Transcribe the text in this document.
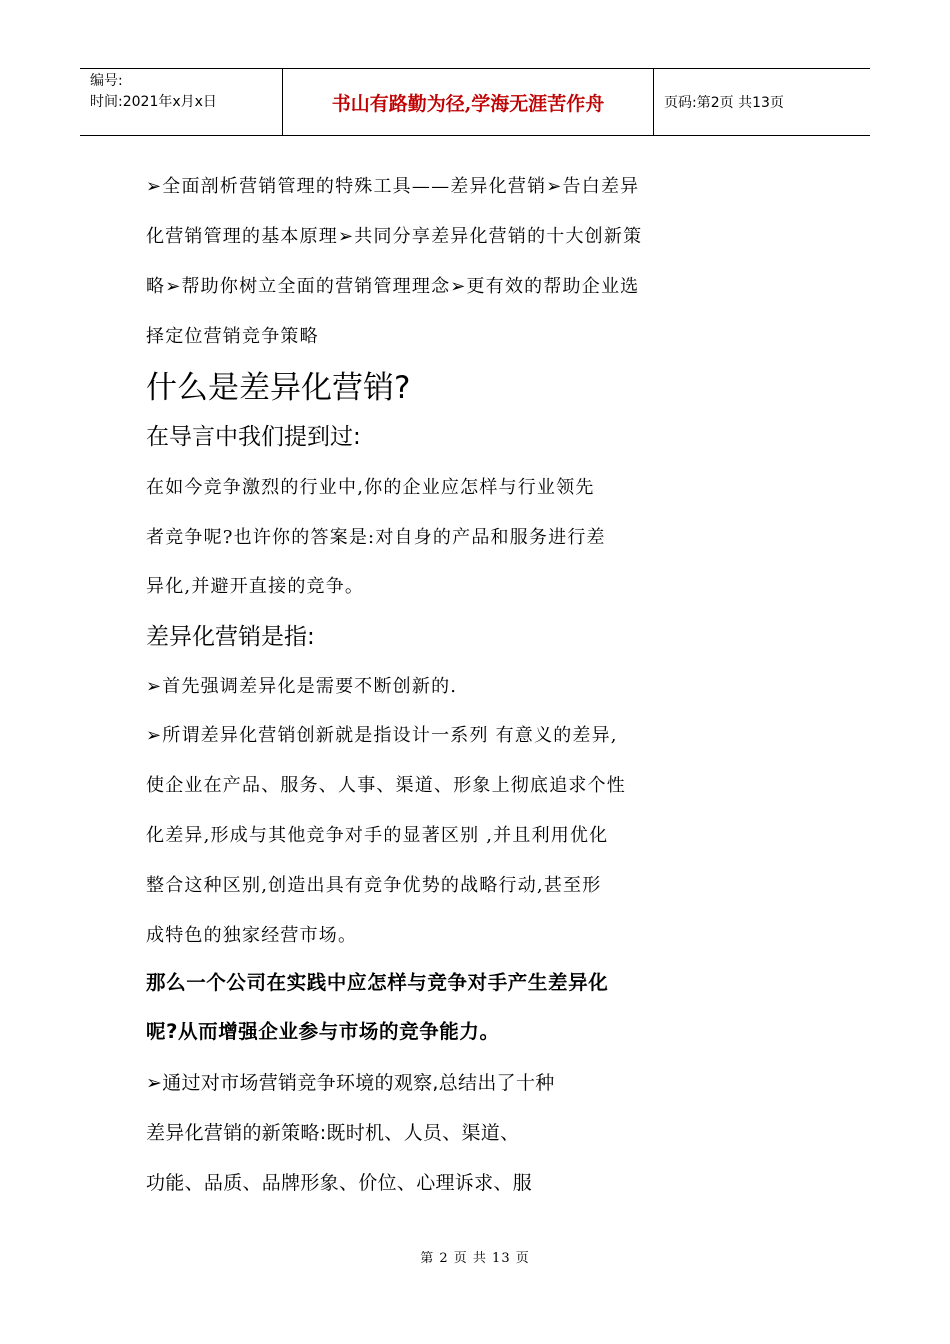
编号:
时间:2021年x月x日	书山有路勤为径,学海无涯苦作舟	页码:第2页 共13页
➢全面剖析营销管理的特殊工具——差异化营销➢告白差异
化营销管理的基本原理➢共同分享差异化营销的十大创新策
略➢帮助你树立全面的营销管理理念➢更有效的帮助企业选
择定位营销竞争策略
什么是差异化营销?
在导言中我们提到过:
在如今竞争激烈的行业中,你的企业应怎样与行业领先
者竞争呢?也许你的答案是:对自身的产品和服务进行差
异化,并避开直接的竞争。
差异化营销是指:
➢首先强调差异化是需要不断创新的.
➢所谓差异化营销创新就是指设计一系列 有意义的差异,
使企业在产品、服务、人事、渠道、形象上彻底追求个性
化差异,形成与其他竞争对手的显著区别 ,并且利用优化
整合这种区别,创造出具有竞争优势的战略行动,甚至形
成特色的独家经营市场。
那么一个公司在实践中应怎样与竞争对手产生差异化
呢?从而增强企业参与市场的竞争能力。
➢通过对市场营销竞争环境的观察,总结出了十种
差异化营销的新策略:既时机、人员、渠道、
功能、品质、品牌形象、价位、心理诉求、服
第 2 页 共 13 页
